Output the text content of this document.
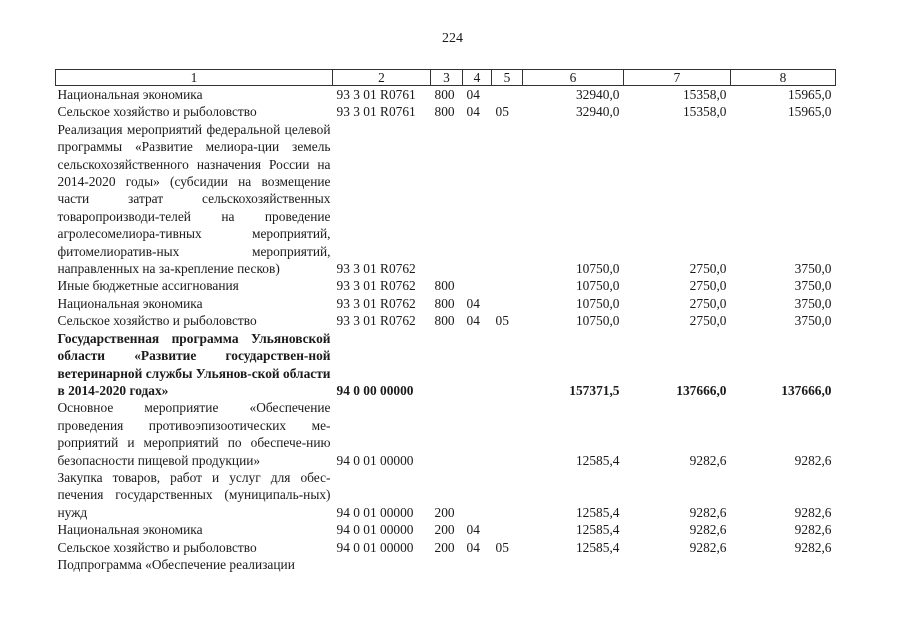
224
1	2	3	4	5	6	7	8
Национальная экономика	93 3 01 R0761	800	04		32940,0	15358,0	15965,0
Сельское хозяйство и рыболовство	93 3 01 R0761	800	04	05	32940,0	15358,0	15965,0
Реализация мероприятий федеральной целевой программы «Развитие мелиора-ции земель сельскохозяйственного назначения России на 2014-2020 годы» (субсидии на возмещение части затрат сельскохозяйственных товаропроизводи-телей на проведение агролесомелиора-тивных мероприятий, фитомелиоратив-ных мероприятий, направленных на за-крепление песков)	93 3 01 R0762				10750,0	2750,0	3750,0
Иные бюджетные ассигнования	93 3 01 R0762	800			10750,0	2750,0	3750,0
Национальная экономика	93 3 01 R0762	800	04		10750,0	2750,0	3750,0
Сельское хозяйство и рыболовство	93 3 01 R0762	800	04	05	10750,0	2750,0	3750,0
Государственная программа Ульяновской области «Развитие государствен-ной ветеринарной службы Ульянов-ской области в 2014-2020 годах»	94 0 00 00000				157371,5	137666,0	137666,0
Основное мероприятие «Обеспечение проведения противоэпизоотических ме-роприятий и мероприятий по обеспече-нию безопасности пищевой продукции»	94 0 01 00000				12585,4	9282,6	9282,6
Закупка товаров, работ и услуг для обес-печения государственных (муниципаль-ных) нужд	94 0 01 00000	200			12585,4	9282,6	9282,6
Национальная экономика	94 0 01 00000	200	04		12585,4	9282,6	9282,6
Сельское хозяйство и рыболовство	94 0 01 00000	200	04	05	12585,4	9282,6	9282,6
Подпрограмма «Обеспечение реализации							
